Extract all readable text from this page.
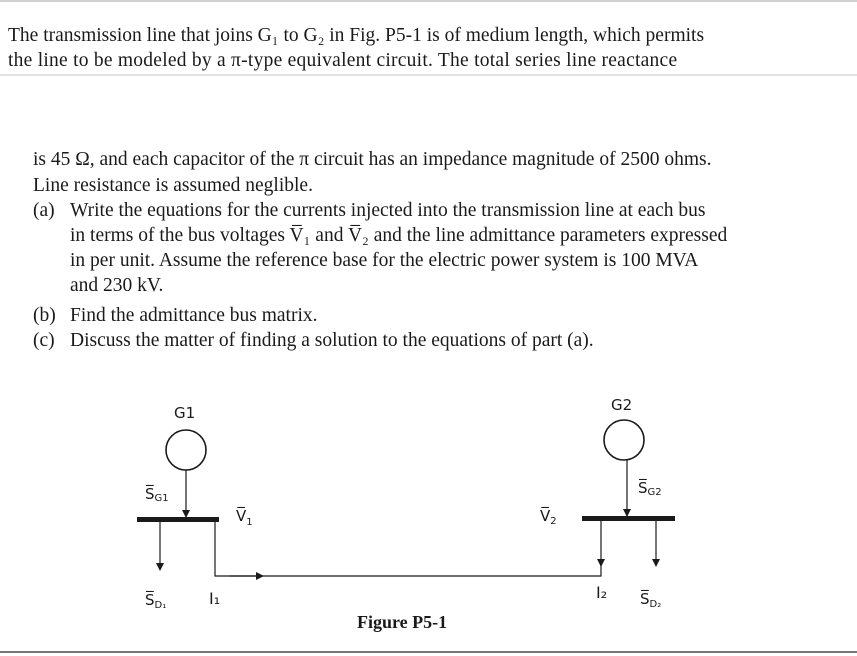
The transmission line that joins G₁ to G₂ in Fig. P5-1 is of medium length, which permits
the line to be modeled by a π-type equivalent circuit. The total series line reactance
is 45 Ω, and each capacitor of the π circuit has an impedance magnitude of 2500 ohms.
Line resistance is assumed neglible.
(a) Write the equations for the currents injected into the transmission line at each bus
in terms of the bus voltages V̅₁ and V̅₂ and the line admittance parameters expressed
in per unit. Assume the reference base for the electric power system is 100 MVA
and 230 kV.
(b) Find the admittance bus matrix.
(c) Discuss the matter of finding a solution to the equations of part (a).
G1
S̅G1
$V̅_1$
$S̅_{D_1}$	I₁
G2
S̅G2
$V̅_2$
I₂ $S̅_{D_2}$
Figure P5-1
